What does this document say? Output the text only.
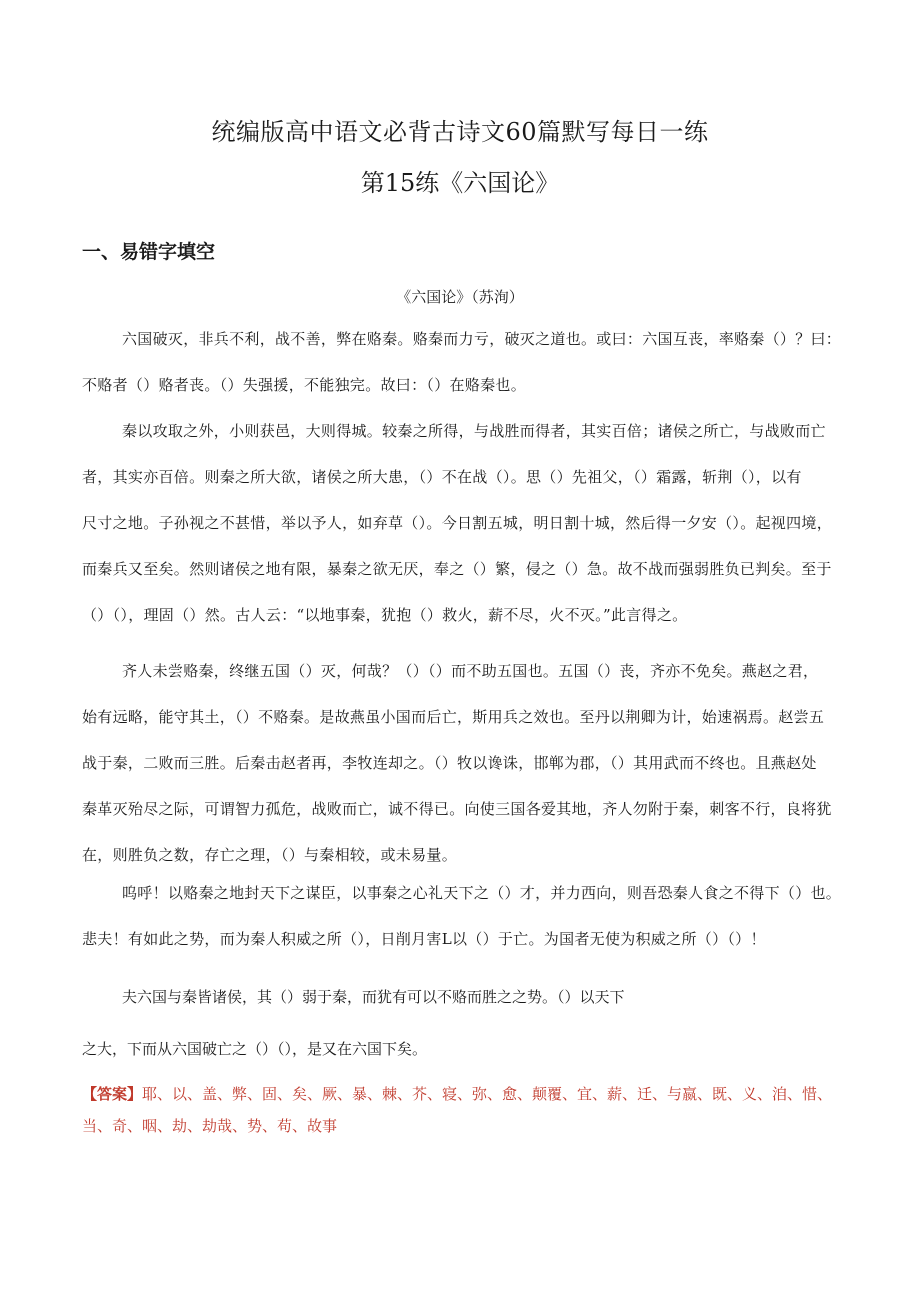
统编版高中语文必背古诗文60篇默写每日一练
第15练《六国论》
一、易错字填空
《六国论》（苏洵）
六国破灭，非兵不利，战不善，弊在赂秦。赂秦而力亏，破灭之道也。或曰：六国互丧，率赂秦（）？曰：
不赂者（）赂者丧。（）失强援，不能独完。故曰：（）在赂秦也。
秦以攻取之外，小则获邑，大则得城。较秦之所得，与战胜而得者，其实百倍；诸侯之所亡，与战败而亡
者，其实亦百倍。则秦之所大欲，诸侯之所大患，（）不在战（）。思（）先祖父，（）霜露，斩荆（），以有
尺寸之地。子孙视之不甚惜，举以予人，如弃草（）。今日割五城，明日割十城，然后得一夕安（）。起视四境，
而秦兵又至矣。然则诸侯之地有限，暴秦之欲无厌，奉之（）繁，侵之（）急。故不战而强弱胜负已判矣。至于
（）（），理固（）然。古人云：“以地事秦，犹抱（）救火，薪不尽，火不灭。”此言得之。
齐人未尝赂秦，终继五国（）灭，何哉？（）（）而不助五国也。五国（）丧，齐亦不免矣。燕赵之君，
始有远略，能守其土，（）不赂秦。是故燕虽小国而后亡，斯用兵之效也。至丹以荆卿为计，始速祸焉。赵尝五
战于秦，二败而三胜。后秦击赵者再，李牧连却之。（）牧以谗诛，邯郸为郡，（）其用武而不终也。且燕赵处
秦革灭殆尽之际，可谓智力孤危，战败而亡，诚不得已。向使三国各爱其地，齐人勿附于秦，刺客不行，良将犹
在，则胜负之数，存亡之理，（）与秦相较，或未易量。
呜呼！以赂秦之地封天下之谋臣，以事秦之心礼天下之（）才，并力西向，则吾恐秦人食之不得下（）也。
悲夫！有如此之势，而为秦人积威之所（），日削月害L以（）于亡。为国者无使为积威之所（）（）！
夫六国与秦皆诸侯，其（）弱于秦，而犹有可以不赂而胜之之势。（）以天下
之大，下而从六国破亡之（）（），是又在六国下矣。
【答案】耶、以、盖、弊、固、矣、厥、暴、棘、芥、寝、弥、愈、颠覆、宜、薪、迁、与嬴、既、义、洎、惜、
当、奇、咽、劫、劫哉、势、苟、故事
